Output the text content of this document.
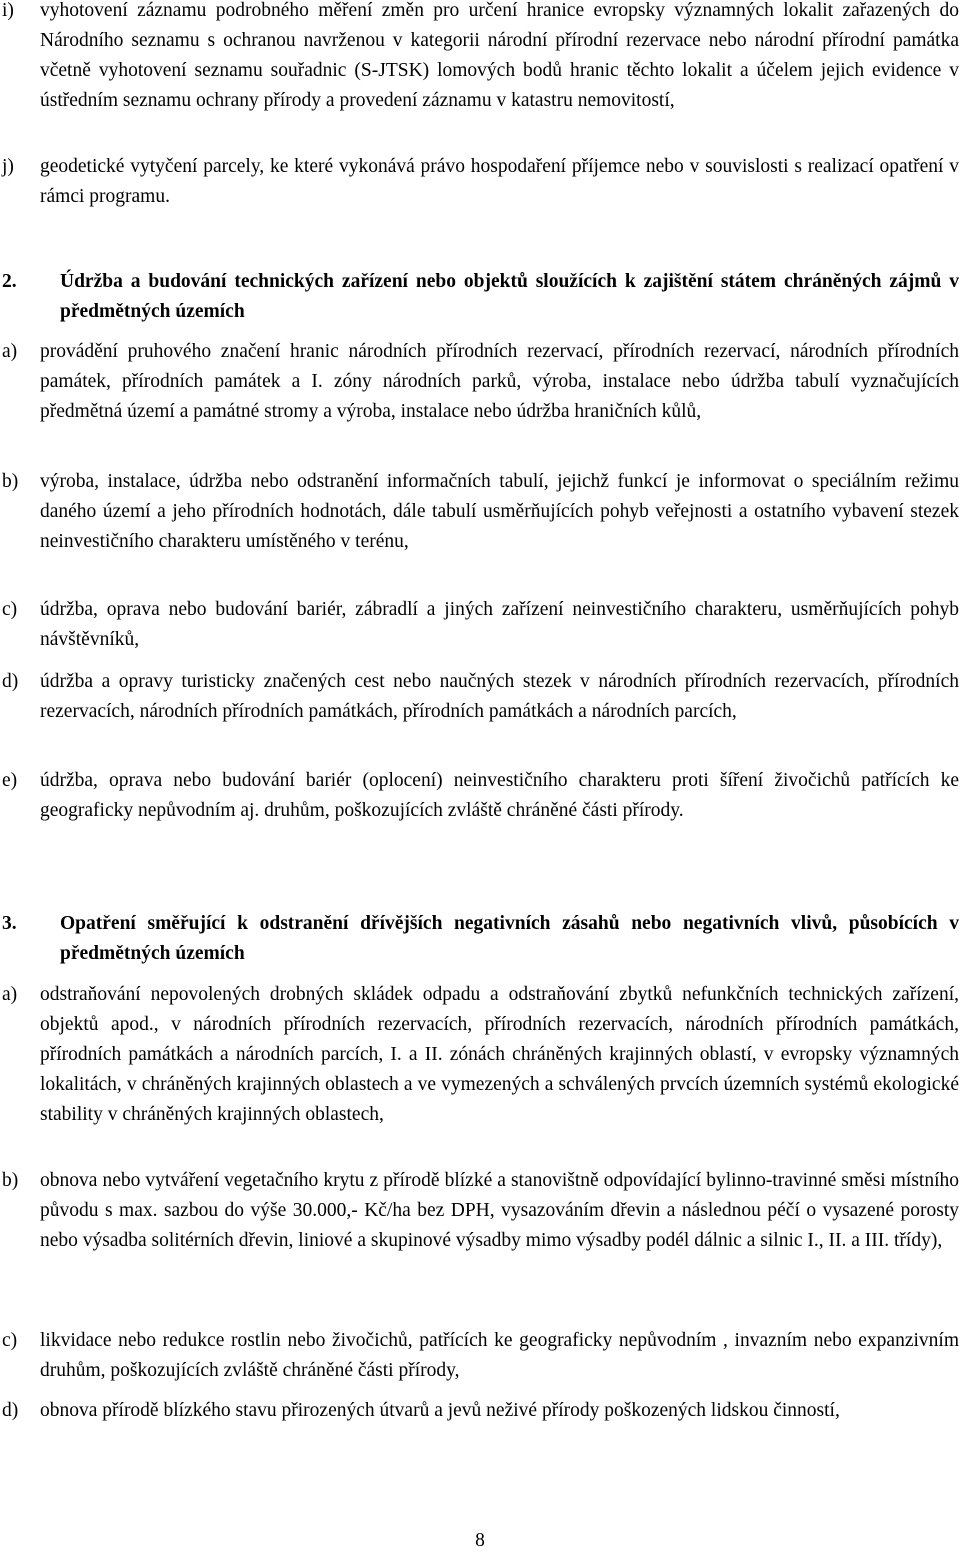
i)	vyhotovení záznamu podrobného měření změn pro určení hranice evropsky významných lokalit zařazených do Národního seznamu s ochranou navrženou v kategorii národní přírodní rezervace nebo národní přírodní památka včetně vyhotovení seznamu souřadnic (S-JTSK) lomových bodů hranic těchto lokalit a účelem jejich evidence v ústředním seznamu ochrany přírody a provedení záznamu v katastru nemovitostí,
j)	geodetické vytyčení parcely, ke které vykonává právo hospodaření příjemce nebo v souvislosti s realizací opatření v rámci programu.
2. Údržba a budování technických zařízení nebo objektů sloužících k zajištění státem chráněných zájmů v předmětných územích
a)	provádění pruhového značení hranic národních přírodních rezervací, přírodních rezervací, národních přírodních památek, přírodních památek a I. zóny národních parků, výroba, instalace nebo údržba tabulí vyznačujících předmětná území a památné stromy a výroba, instalace nebo údržba hraničních kůlů,
b)	výroba, instalace, údržba nebo odstranění informačních tabulí, jejichž funkcí je informovat o speciálním režimu daného území a jeho přírodních hodnotách, dále tabulí usměrňujících pohyb veřejnosti a ostatního vybavení stezek neinvestičního charakteru umístěného v terénu,
c)	údržba, oprava nebo budování bariér, zábradlí a jiných zařízení neinvestičního charakteru, usměrňujících pohyb návštěvníků,
d)	údržba a opravy turisticky značených cest nebo naučných stezek v národních přírodních rezervacích, přírodních rezervacích, národních přírodních památkách, přírodních památkách a národních parcích,
e)	údržba, oprava nebo budování bariér (oplocení) neinvestičního charakteru proti šíření živočichů patřících ke geograficky nepůvodním aj. druhům, poškozujících zvláště chráněné části přírody.
3. Opatření směřující k odstranění dřívějších negativních zásahů nebo negativních vlivů, působících v předmětných územích
a)	odstraňování nepovolených drobných skládek odpadu a odstraňování zbytků nefunkčních technických zařízení, objektů apod., v národních přírodních rezervacích, přírodních rezervacích, národních přírodních památkách, přírodních památkách a národních parcích, I. a II. zónách chráněných krajinných oblastí, v evropsky významných lokalitách, v chráněných krajinných oblastech a ve vymezených a schválených prvcích územních systémů ekologické stability v chráněných krajinných oblastech,
b)	obnova nebo vytváření vegetačního krytu z přírodě blízké a stanovištně odpovídající bylinno-travinné směsi místního původu s max. sazbou do výše 30.000,- Kč/ha bez DPH, vysazováním dřevin a následnou péčí o vysazené porosty nebo výsadba solitérních dřevin, liniové a skupinové výsadby mimo výsadby podél dálnic a silnic I., II. a III. třídy),
c)	likvidace nebo redukce rostlin nebo živočichů, patřících ke geograficky nepůvodním , invazním nebo expanzivním druhům, poškozujících zvláště chráněné části přírody,
d)	obnova přírodě blízkého stavu přirozených útvarů a jevů neživé přírody poškozených lidskou činností,
8
